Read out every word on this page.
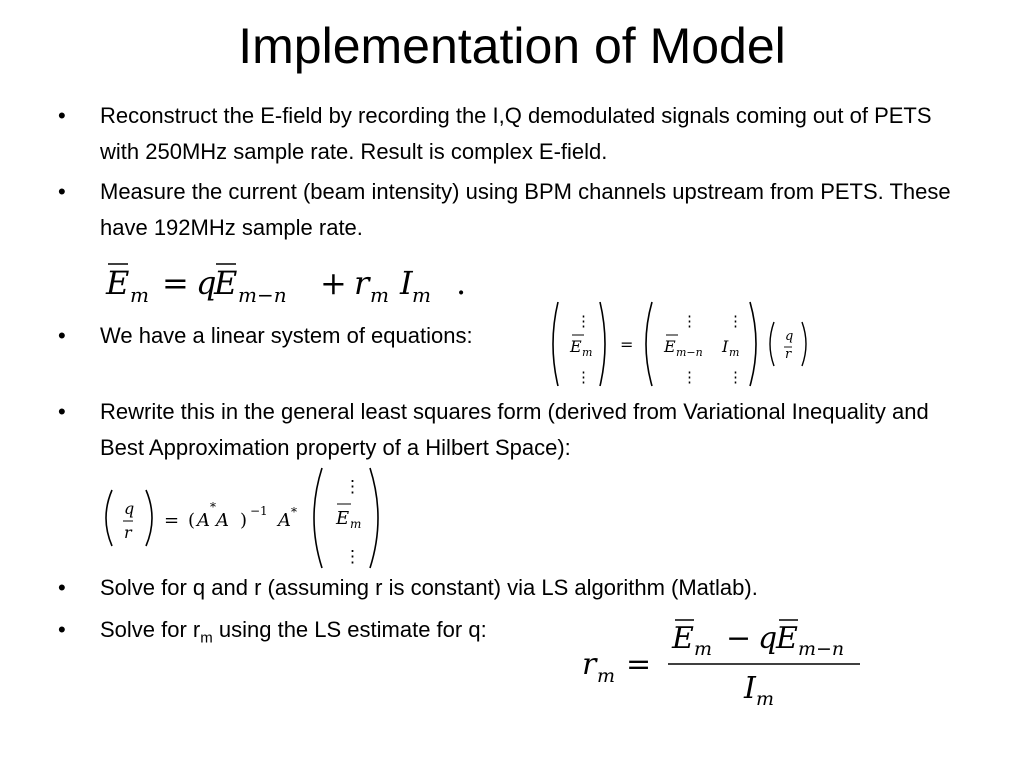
Implementation of Model
• Reconstruct the E-field by recording the I,Q demodulated signals coming out of PETS with 250MHz sample rate. Result is complex E-field.
• Measure the current (beam intensity) using BPM channels upstream from PETS. These have 192MHz sample rate.
E m = q
E m−n + r m I m .
• We have a linear system of equations:
⋮
E m
⋮
=
⋮
E m−n
⋮
⋮
I m
⋮
q
r
• Rewrite this in the general least squares form (derived from Variational Inequality and Best Approximation property of a Hilbert Space):
q
r
= ( A
*
A ) −1 A *
⋮
E m
⋮
• Solve for q and r (assuming r is constant) via LS algorithm (Matlab).
• Solve for $r_m$ using the LS estimate for q:
r m =
E m − q
E m−n
I m
